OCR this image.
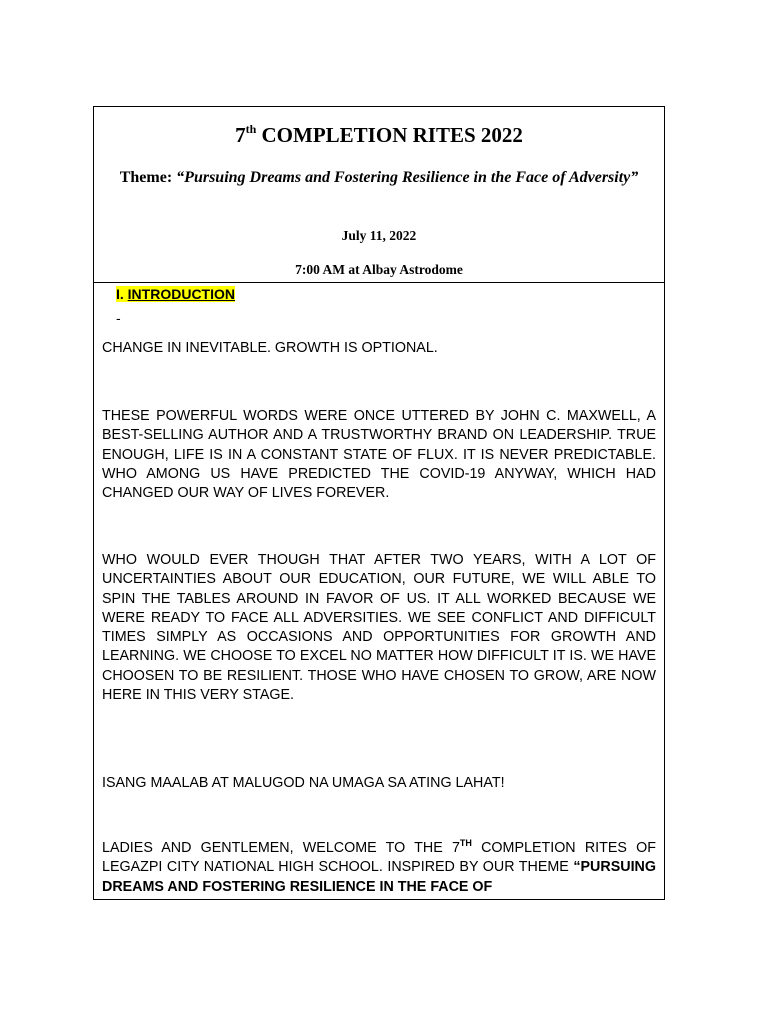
7th COMPLETION RITES 2022

Theme: “Pursuing Dreams and Fostering Resilience in the Face of Adversity”

July 11, 2022

7:00 AM at Albay Astrodome

I. INTRODUCTION

-

CHANGE IN INEVITABLE. GROWTH IS OPTIONAL.

THESE POWERFUL WORDS WERE ONCE UTTERED BY JOHN C. MAXWELL, A BEST-SELLING AUTHOR AND A TRUSTWORTHY BRAND ON LEADERSHIP. TRUE ENOUGH, LIFE IS IN A CONSTANT STATE OF FLUX. IT IS NEVER PREDICTABLE. WHO AMONG US HAVE PREDICTED THE COVID-19 ANYWAY, WHICH HAD CHANGED OUR WAY OF LIVES FOREVER.

WHO WOULD EVER THOUGH THAT AFTER TWO YEARS, WITH A LOT OF UNCERTAINTIES ABOUT OUR EDUCATION, OUR FUTURE, WE WILL ABLE TO SPIN THE TABLES AROUND IN FAVOR OF US. IT ALL WORKED BECAUSE WE WERE READY TO FACE ALL ADVERSITIES. WE SEE CONFLICT AND DIFFICULT TIMES SIMPLY AS OCCASIONS AND OPPORTUNITIES FOR GROWTH AND LEARNING. WE CHOOSE TO EXCEL NO MATTER HOW DIFFICULT IT IS. WE HAVE CHOOSEN TO BE RESILIENT. THOSE WHO HAVE CHOSEN TO GROW, ARE NOW HERE IN THIS VERY STAGE.

ISANG MAALAB AT MALUGOD NA UMAGA SA ATING LAHAT!

LADIES AND GENTLEMEN, WELCOME TO THE 7TH COMPLETION RITES OF LEGAZPI CITY NATIONAL HIGH SCHOOL. INSPIRED BY OUR THEME “PURSUING DREAMS AND FOSTERING RESILIENCE IN THE FACE OF
